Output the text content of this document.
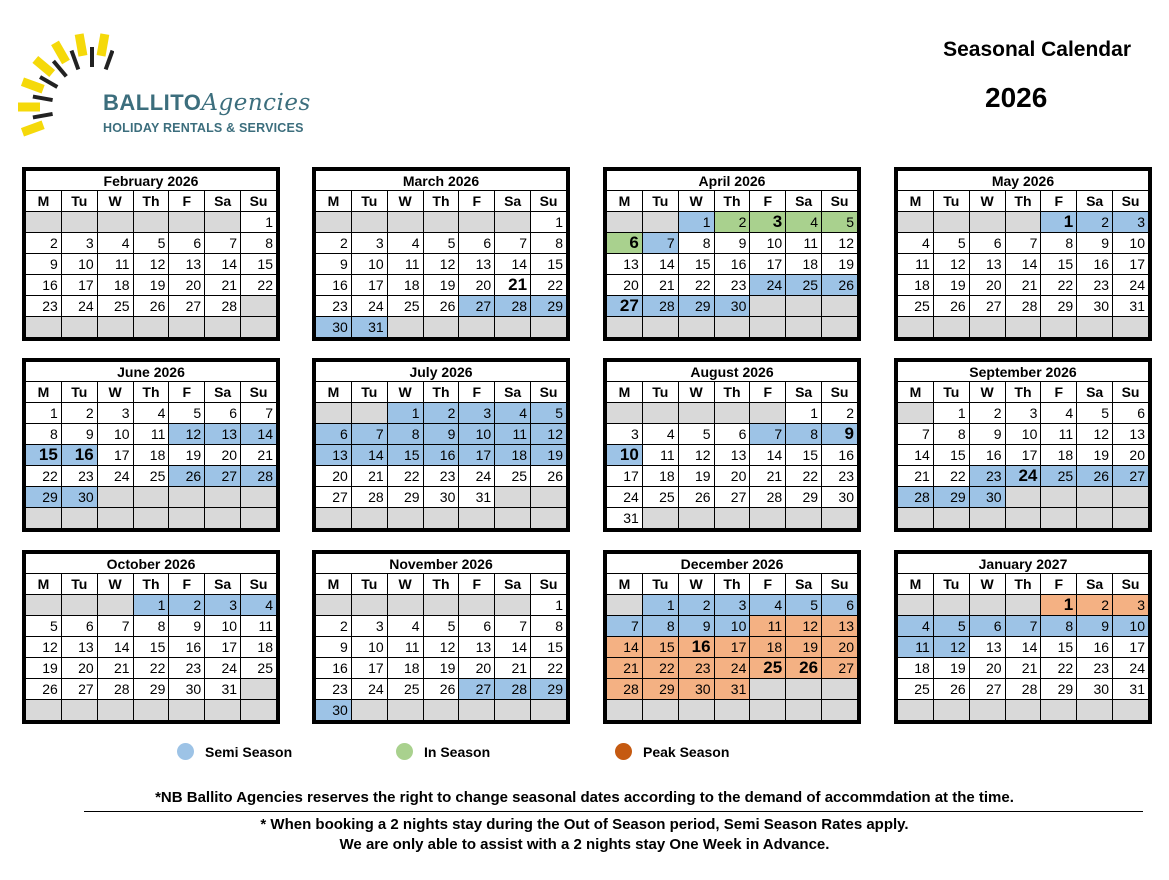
BALLITOAgencies
HOLIDAY RENTALS & SERVICES
Seasonal Calendar
2026
February 2026						
M	Tu	W	Th	F	Sa	Su
						1
2	3	4	5	6	7	8
9	10	11	12	13	14	15
16	17	18	19	20	21	22
23	24	25	26	27	28	

March 2026						
M	Tu	W	Th	F	Sa	Su
						1
2	3	4	5	6	7	8
9	10	11	12	13	14	15
16	17	18	19	20	21	22
23	24	25	26	27	28	29
30	31					
April 2026						
M	Tu	W	Th	F	Sa	Su
		1	2	3	4	5
6	7	8	9	10	11	12
13	14	15	16	17	18	19
20	21	22	23	24	25	26
27	28	29	30			

May 2026						
M	Tu	W	Th	F	Sa	Su
				1	2	3
4	5	6	7	8	9	10
11	12	13	14	15	16	17
18	19	20	21	22	23	24
25	26	27	28	29	30	31

June 2026						
M	Tu	W	Th	F	Sa	Su
1	2	3	4	5	6	7
8	9	10	11	12	13	14
15	16	17	18	19	20	21
22	23	24	25	26	27	28
29	30					

July 2026						
M	Tu	W	Th	F	Sa	Su
		1	2	3	4	5
6	7	8	9	10	11	12
13	14	15	16	17	18	19
20	21	22	23	24	25	26
27	28	29	30	31		

August 2026						
M	Tu	W	Th	F	Sa	Su
					1	2
3	4	5	6	7	8	9
10	11	12	13	14	15	16
17	18	19	20	21	22	23
24	25	26	27	28	29	30
31						
September 2026						
M	Tu	W	Th	F	Sa	Su
	1	2	3	4	5	6
7	8	9	10	11	12	13
14	15	16	17	18	19	20
21	22	23	24	25	26	27
28	29	30				

October 2026						
M	Tu	W	Th	F	Sa	Su
			1	2	3	4
5	6	7	8	9	10	11
12	13	14	15	16	17	18
19	20	21	22	23	24	25
26	27	28	29	30	31	

November 2026						
M	Tu	W	Th	F	Sa	Su
						1
2	3	4	5	6	7	8
9	10	11	12	13	14	15
16	17	18	19	20	21	22
23	24	25	26	27	28	29
30						
December 2026						
M	Tu	W	Th	F	Sa	Su
	1	2	3	4	5	6
7	8	9	10	11	12	13
14	15	16	17	18	19	20
21	22	23	24	25	26	27
28	29	30	31			

January 2027						
M	Tu	W	Th	F	Sa	Su
				1	2	3
4	5	6	7	8	9	10
11	12	13	14	15	16	17
18	19	20	21	22	23	24
25	26	27	28	29	30	31

Semi Season	In Season	Peak Season
*NB Ballito Agencies reserves the right to change seasonal dates according to the demand of accommdation at the time.
* When booking a 2 nights stay during the Out of Season period, Semi Season Rates apply.
We are only able to assist with a 2 nights stay One Week in Advance.
